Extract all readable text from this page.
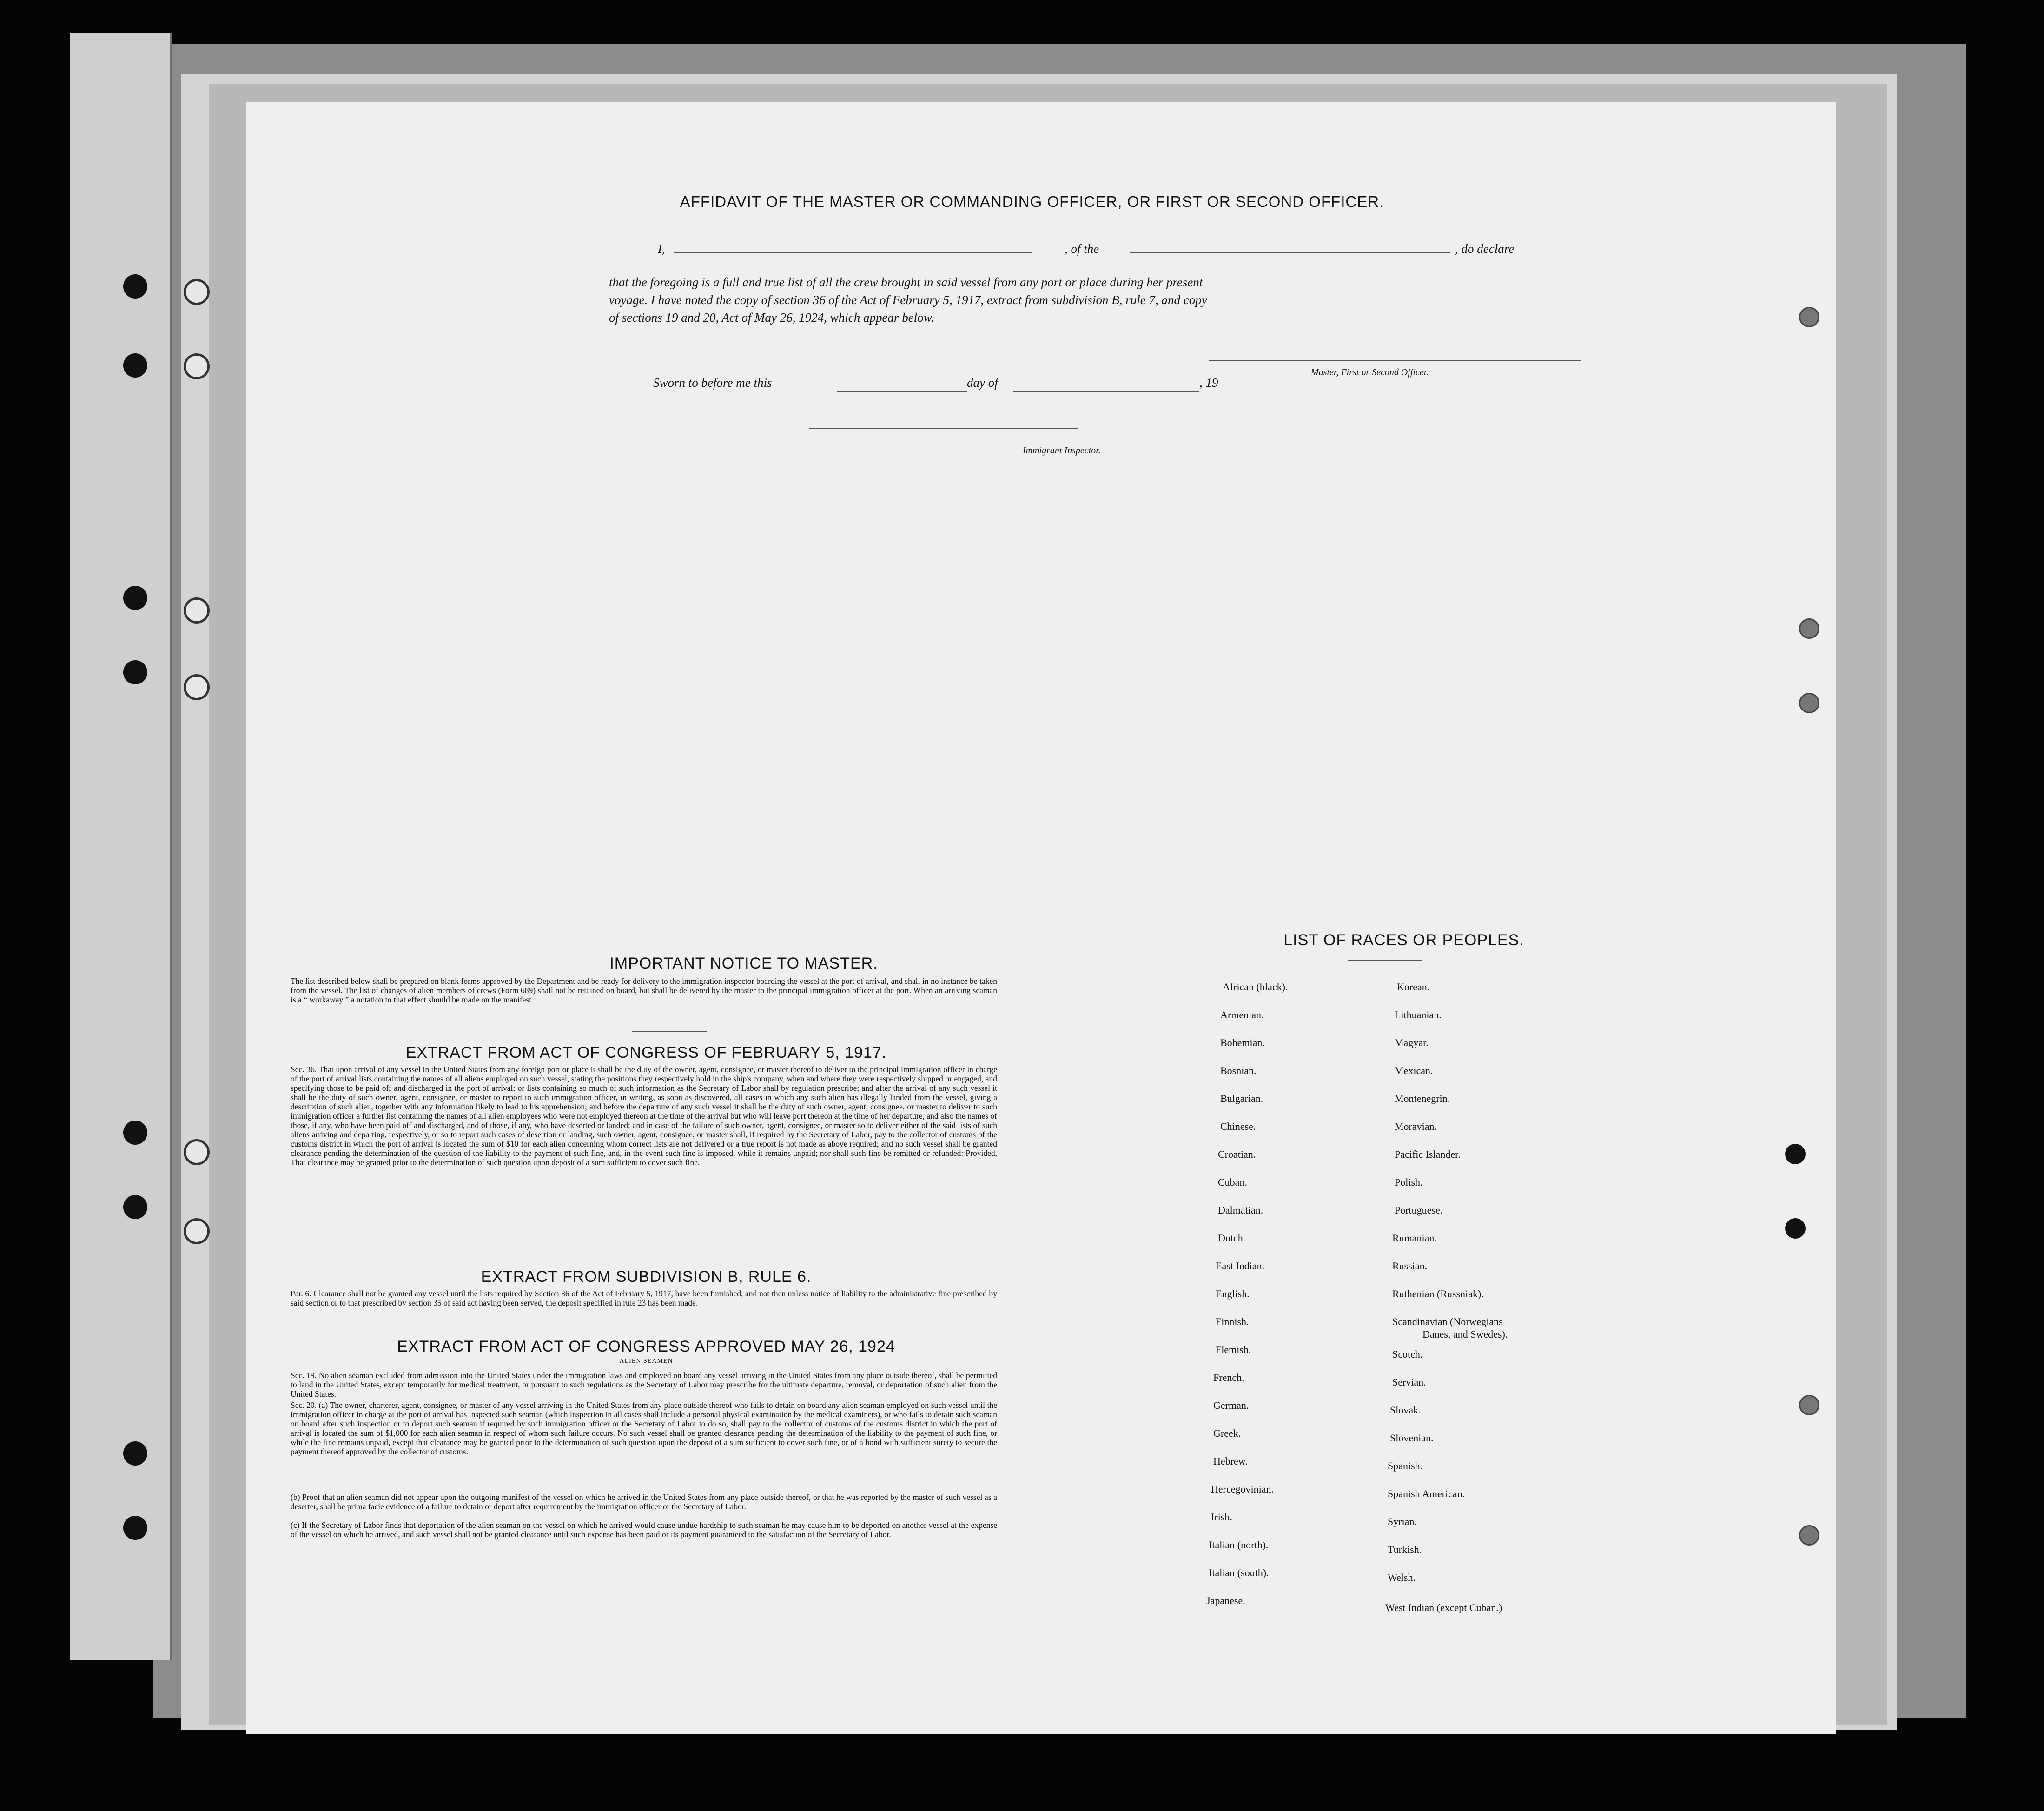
AFFIDAVIT OF THE MASTER OR COMMANDING OFFICER, OR FIRST OR SECOND OFFICER.
I,	, of the	, do declare
that the foregoing is a full and true list of all the crew brought in said vessel from any port or place during her present
voyage. I have noted the copy of section 36 of the Act of February 5, 1917, extract from subdivision B, rule 7, and copy
of sections 19 and 20, Act of May 26, 1924, which appear below.
Master, First or Second Officer.
Sworn to before me this	day of	, 19
Immigrant Inspector.
IMPORTANT NOTICE TO MASTER.
The list described below shall be prepared on blank forms approved by the Department and be ready for delivery to the immigration inspector boarding the vessel at the port of arrival, and shall in no instance be taken from the vessel. The list of changes of alien members of crews (Form 689) shall not be retained on board, but shall be delivered by the master to the principal immigration officer at the port. When an arriving seaman is a “ workaway ” a notation to that effect should be made on the manifest.
EXTRACT FROM ACT OF CONGRESS OF FEBRUARY 5, 1917.
Sec. 36. That upon arrival of any vessel in the United States from any foreign port or place it shall be the duty of the owner, agent, consignee, or master thereof to deliver to the principal immigration officer in charge of the port of arrival lists containing the names of all aliens employed on such vessel, stating the positions they respectively hold in the ship's company, when and where they were respectively shipped or engaged, and specifying those to be paid off and discharged in the port of arrival; or lists containing so much of such information as the Secretary of Labor shall by regulation prescribe; and after the arrival of any such vessel it shall be the duty of such owner, agent, consignee, or master to report to such immigration officer, in writing, as soon as discovered, all cases in which any such alien has illegally landed from the vessel, giving a description of such alien, together with any information likely to lead to his apprehension; and before the departure of any such vessel it shall be the duty of such owner, agent, consignee, or master to deliver to such immigration officer a further list containing the names of all alien employees who were not employed thereon at the time of the arrival but who will leave port thereon at the time of her departure, and also the names of those, if any, who have been paid off and discharged, and of those, if any, who have deserted or landed; and in case of the failure of such owner, agent, consignee, or master so to deliver either of the said lists of such aliens arriving and departing, respectively, or so to report such cases of desertion or landing, such owner, agent, consignee, or master shall, if required by the Secretary of Labor, pay to the collector of customs of the customs district in which the port of arrival is located the sum of $10 for each alien concerning whom correct lists are not delivered or a true report is not made as above required; and no such vessel shall be granted clearance pending the determination of the question of the liability to the payment of such fine, and, in the event such fine is imposed, while it remains unpaid; nor shall such fine be remitted or refunded: Provided, That clearance may be granted prior to the determination of such question upon deposit of a sum sufficient to cover such fine.
EXTRACT FROM SUBDIVISION B, RULE 6.
Par. 6. Clearance shall not be granted any vessel until the lists required by Section 36 of the Act of February 5, 1917, have been furnished, and not then unless notice of liability to the administrative fine prescribed by said section or to that prescribed by section 35 of said act having been served, the deposit specified in rule 23 has been made.
EXTRACT FROM ACT OF CONGRESS APPROVED MAY 26, 1924
ALIEN SEAMEN
Sec. 19. No alien seaman excluded from admission into the United States under the immigration laws and employed on board any vessel arriving in the United States from any place outside thereof, shall be permitted to land in the United States, except temporarily for medical treatment, or pursuant to such regulations as the Secretary of Labor may prescribe for the ultimate departure, removal, or deportation of such alien from the United States.
Sec. 20. (a) The owner, charterer, agent, consignee, or master of any vessel arriving in the United States from any place outside thereof who fails to detain on board any alien seaman employed on such vessel until the immigration officer in charge at the port of arrival has inspected such seaman (which inspection in all cases shall include a personal physical examination by the medical examiners), or who fails to detain such seaman on board after such inspection or to deport such seaman if required by such immigration officer or the Secretary of Labor to do so, shall pay to the collector of customs of the customs district in which the port of arrival is located the sum of $1,000 for each alien seaman in respect of whom such failure occurs. No such vessel shall be granted clearance pending the determination of the liability to the payment of such fine, or while the fine remains unpaid, except that clearance may be granted prior to the determination of such question upon the deposit of a sum sufficient to cover such fine, or of a bond with sufficient surety to secure the payment thereof approved by the collector of customs.
(b) Proof that an alien seaman did not appear upon the outgoing manifest of the vessel on which he arrived in the United States from any place outside thereof, or that he was reported by the master of such vessel as a deserter, shall be prima facie evidence of a failure to detain or deport after requirement by the immigration officer or the Secretary of Labor.
(c) If the Secretary of Labor finds that deportation of the alien seaman on the vessel on which he arrived would cause undue hardship to such seaman he may cause him to be deported on another vessel at the expense of the vessel on which he arrived, and such vessel shall not be granted clearance until such expense has been paid or its payment guaranteed to the satisfaction of the Secretary of Labor.
LIST OF RACES OR PEOPLES.
African (black).
Armenian.
Bohemian.
Bosnian.
Bulgarian.
Chinese.
Croatian.
Cuban.
Dalmatian.
Dutch.
East Indian.
English.
Finnish.
Flemish.
French.
German.
Greek.
Hebrew.
Hercegovinian.
Irish.
Italian (north).
Italian (south).
Japanese.
Korean.
Lithuanian.
Magyar.
Mexican.
Montenegrin.
Moravian.
Pacific Islander.
Polish.
Portuguese.
Rumanian.
Russian.
Ruthenian (Russniak).
Scandinavian (Norwegians
Danes, and Swedes).
Scotch.
Servian.
Slovak.
Slovenian.
Spanish.
Spanish American.
Syrian.
Turkish.
Welsh.
West Indian (except Cuban.)
